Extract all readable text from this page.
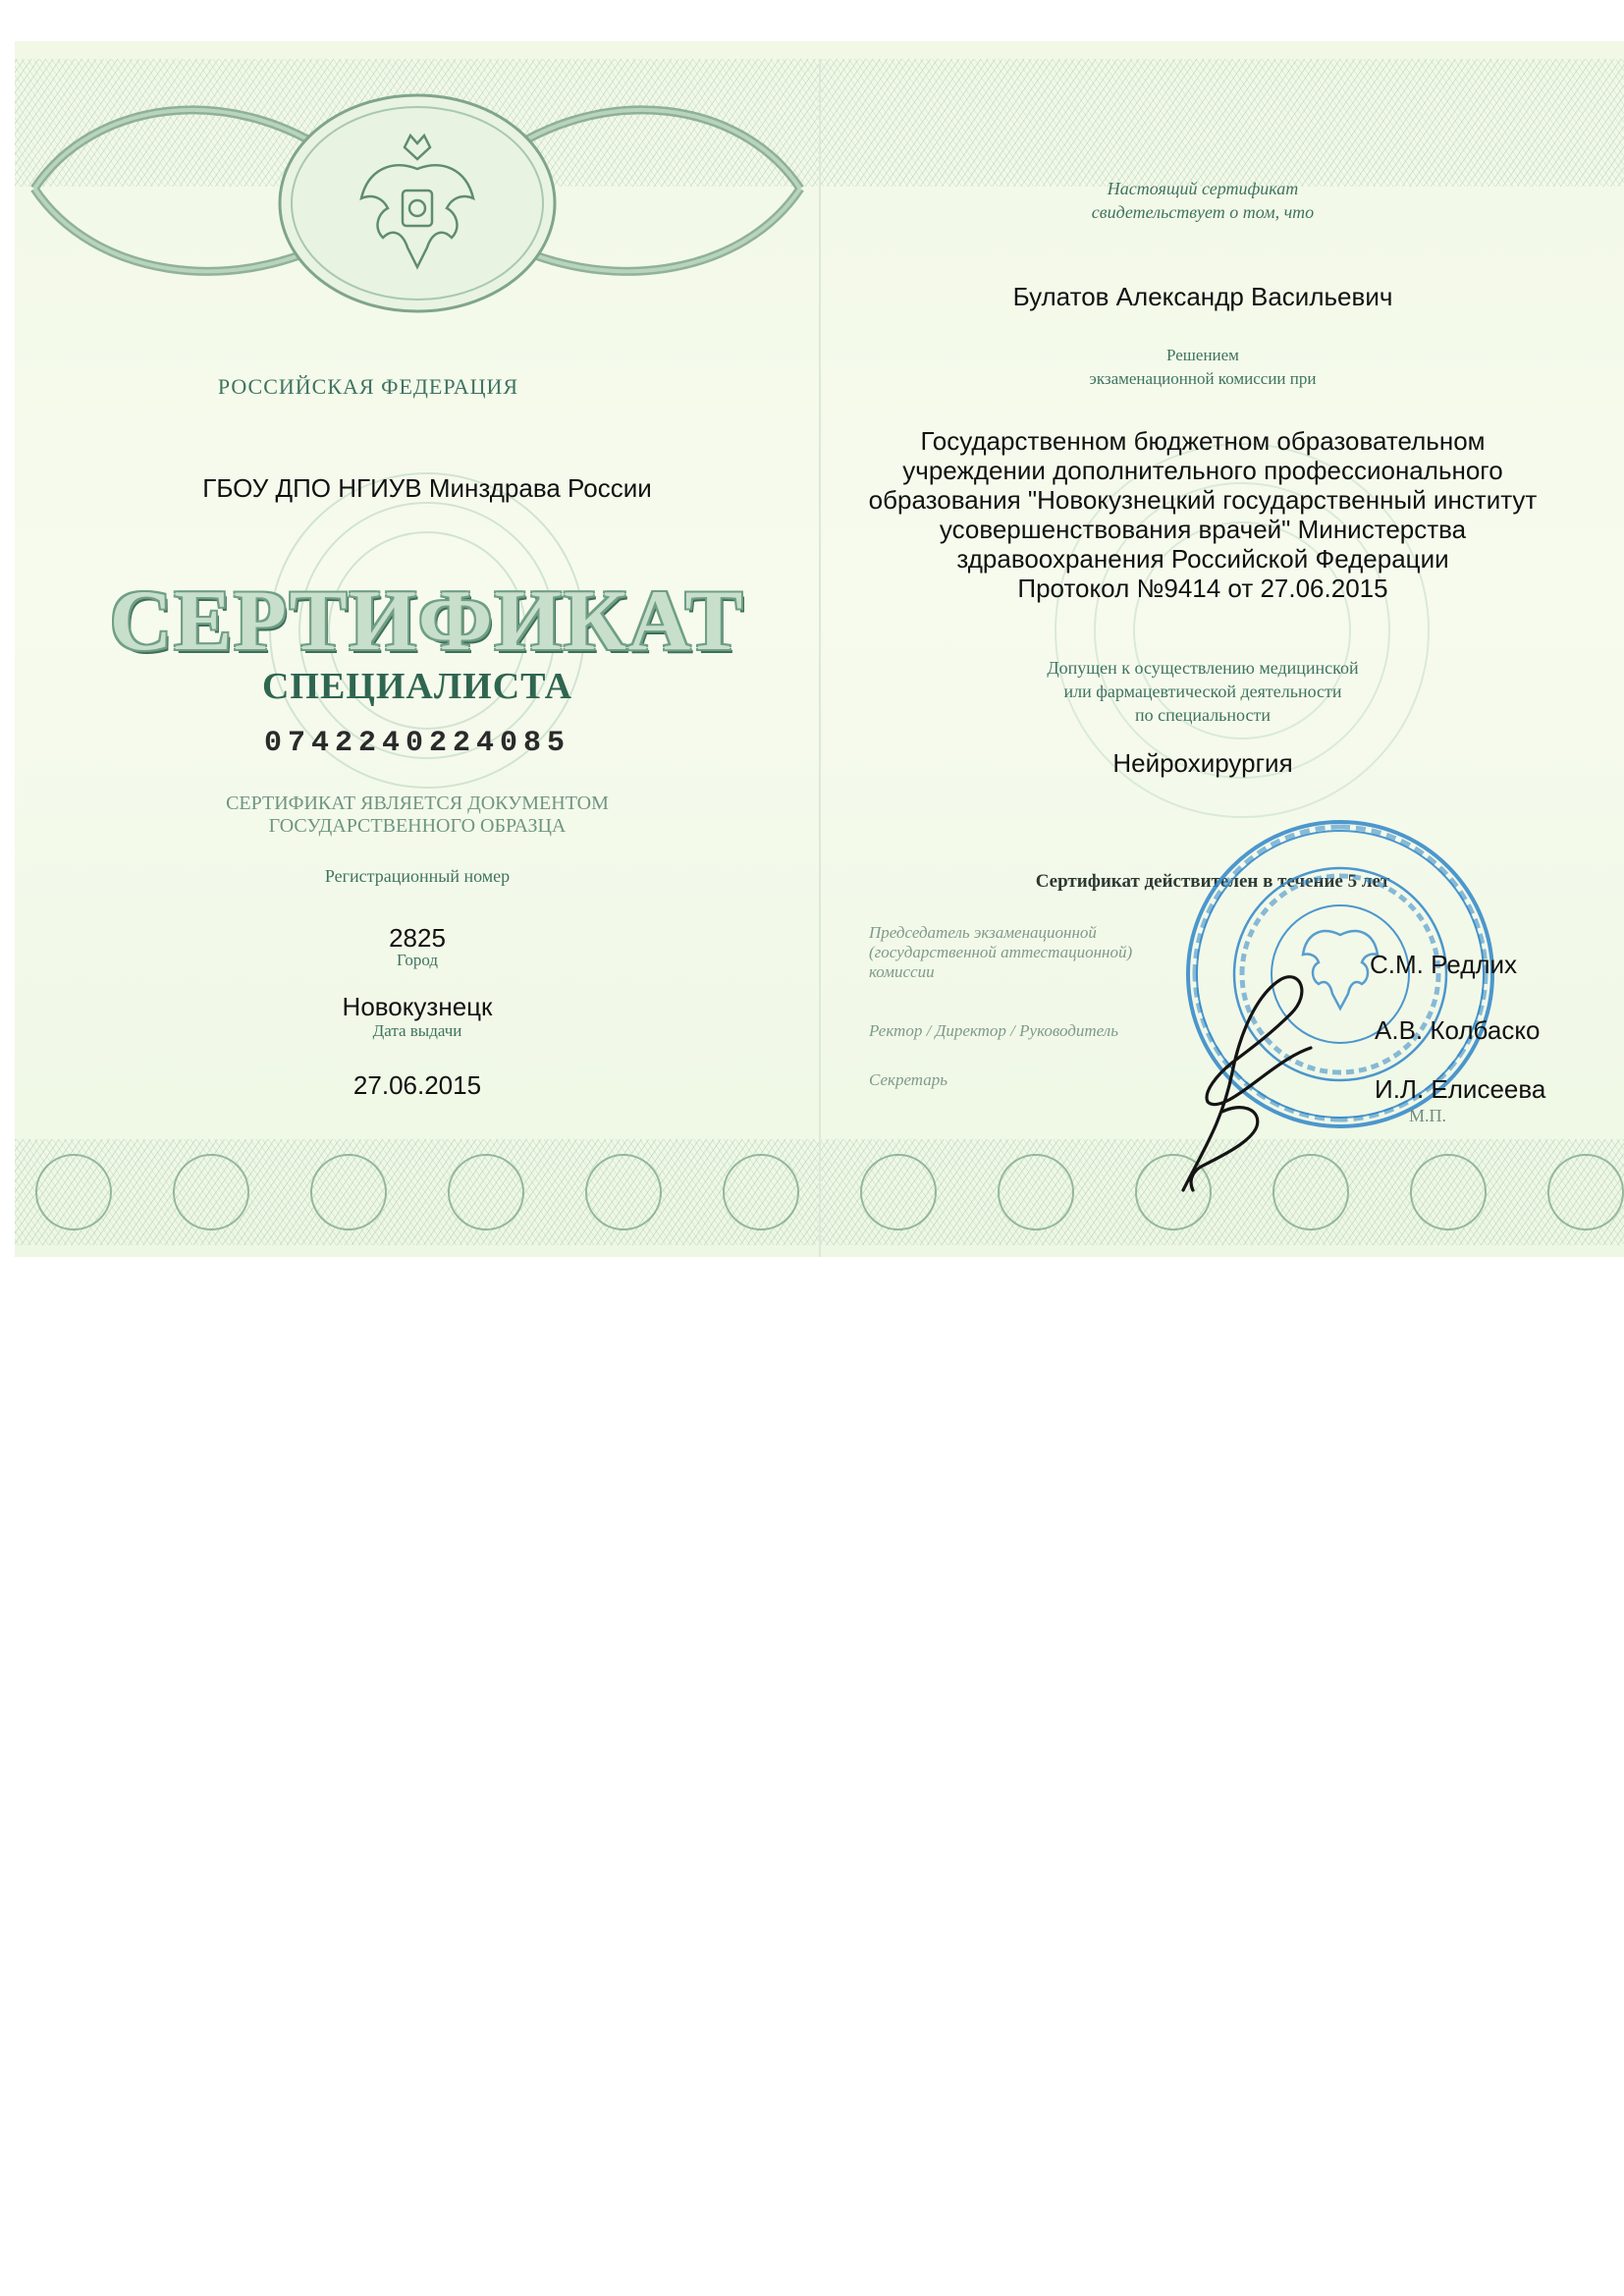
РОССИЙСКАЯ ФЕДЕРАЦИЯ
ГБОУ ДПО НГИУВ Минздрава России
СЕРТИФИКАТ
СПЕЦИАЛИСТА
0742240224085
СЕРТИФИКАТ ЯВЛЯЕТСЯ ДОКУМЕНТОМ
ГОСУДАРСТВЕННОГО ОБРАЗЦА
Регистрационный номер
2825
Город
Новокузнецк
Дата выдачи
27.06.2015
Настоящий сертификат
свидетельствует о том, что
Булатов Александр Васильевич
Решением
экзаменационной комиссии при
Государственном бюджетном образовательном
учреждении дополнительного профессионального
образования "Новокузнецкий государственный институт
усовершенствования врачей" Министерства
здравоохранения Российской Федерации
Протокол №9414 от 27.06.2015
Допущен к осуществлению медицинской
или фармацевтической деятельности
по специальности
Нейрохирургия
Сертификат действителен в течение 5 лет
Председатель экзаменационной
(государственной аттестационной)
комиссии
Ректор / Директор / Руководитель
Секретарь
С.М. Редлих
А.В. Колбаско
И.Л. Елисеева
М.П.
